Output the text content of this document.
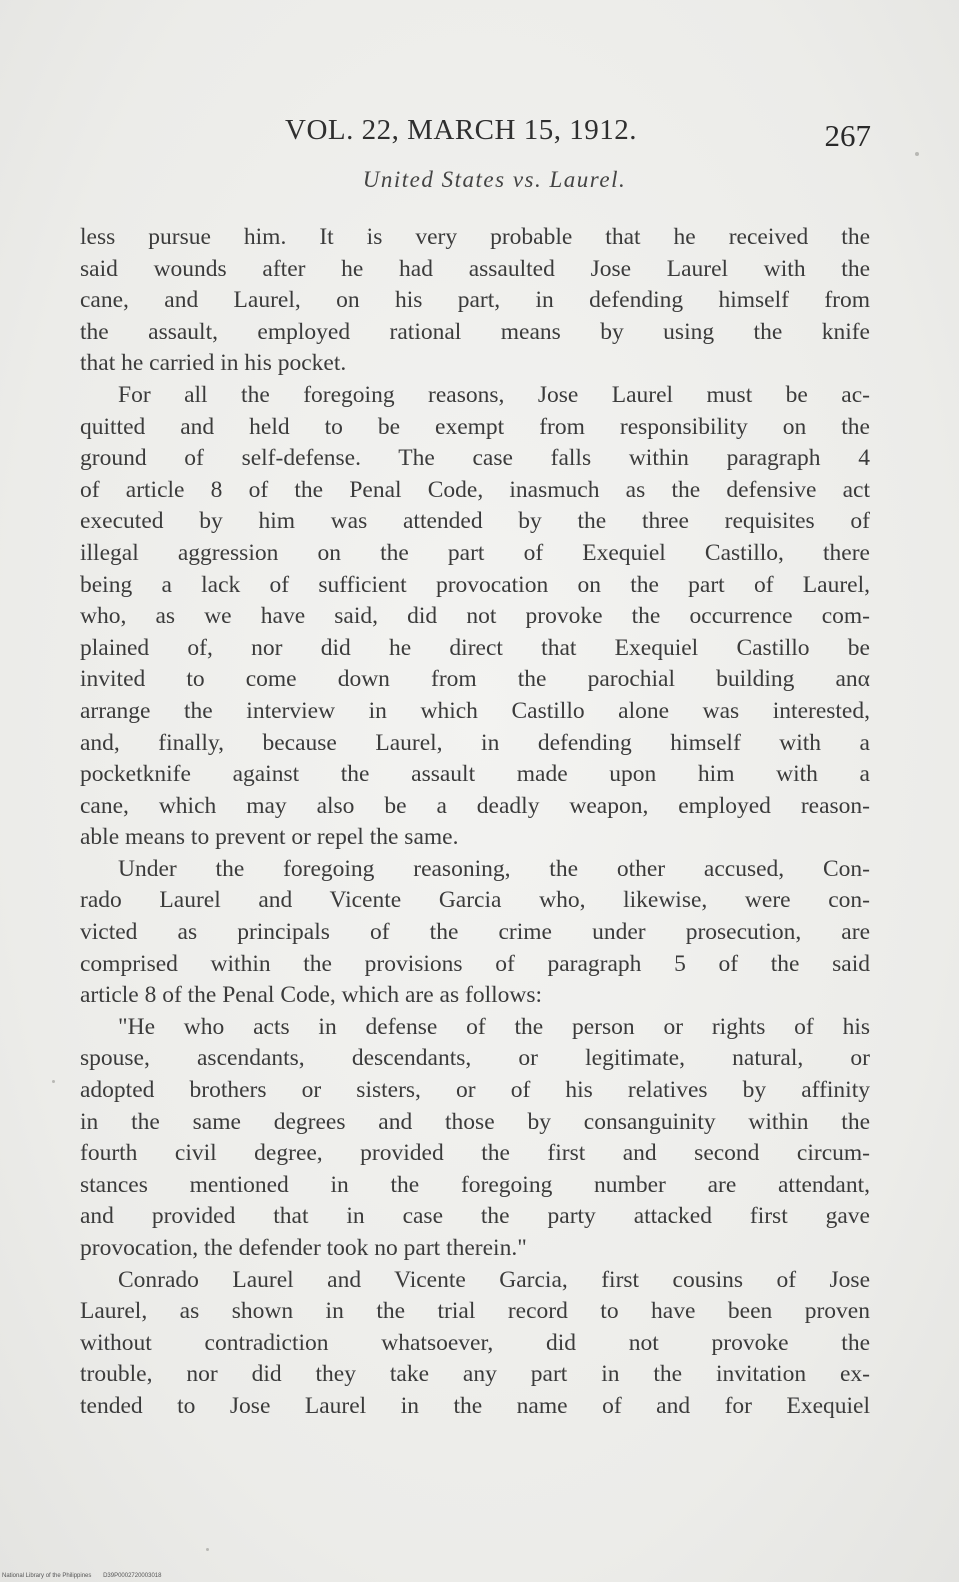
VOL. 22, MARCH 15, 1912.	267
United States vs. Laurel.
less pursue him. It is very probable that he received the
said wounds after he had assaulted Jose Laurel with the
cane, and Laurel, on his part, in defending himself from
the assault, employed rational means by using the knife
that he carried in his pocket.
For all the foregoing reasons, Jose Laurel must be ac-
quitted and held to be exempt from responsibility on the
ground of self-defense. The case falls within paragraph 4
of article 8 of the Penal Code, inasmuch as the defensive act
executed by him was attended by the three requisites of
illegal aggression on the part of Exequiel Castillo, there
being a lack of sufficient provocation on the part of Laurel,
who, as we have said, did not provoke the occurrence com-
plained of, nor did he direct that Exequiel Castillo be
invited to come down from the parochial building anα
arrange the interview in which Castillo alone was interested,
and, finally, because Laurel, in defending himself with a
pocketknife against the assault made upon him with a
cane, which may also be a deadly weapon, employed reason-
able means to prevent or repel the same.
Under the foregoing reasoning, the other accused, Con-
rado Laurel and Vicente Garcia who, likewise, were con-
victed as principals of the crime under prosecution, are
comprised within the provisions of paragraph 5 of the said
article 8 of the Penal Code, which are as follows:
"He who acts in defense of the person or rights of his
spouse, ascendants, descendants, or legitimate, natural, or
adopted brothers or sisters, or of his relatives by affinity
in the same degrees and those by consanguinity within the
fourth civil degree, provided the first and second circum-
stances mentioned in the foregoing number are attendant,
and provided that in case the party attacked first gave
provocation, the defender took no part therein."
Conrado Laurel and Vicente Garcia, first cousins of Jose
Laurel, as shown in the trial record to have been proven
without contradiction whatsoever, did not provoke the
trouble, nor did they take any part in the invitation ex-
tended to Jose Laurel in the name of and for Exequiel
National Library of the Philippines D39P0002720003018
